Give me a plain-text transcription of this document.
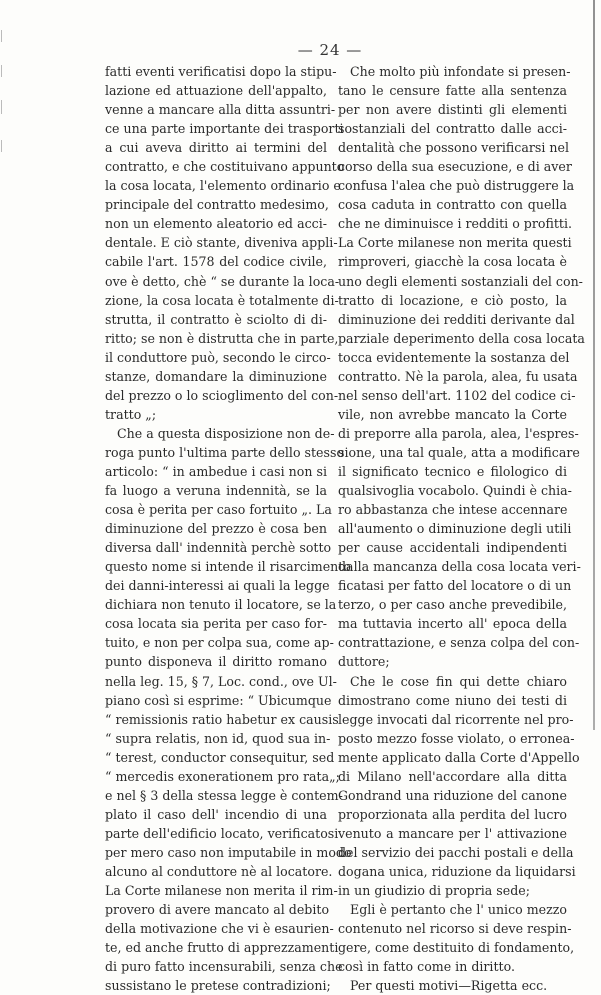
— 24 —
fatti eventi verificatisi dopo la stipu-
lazione ed attuazione dell'appalto,
venne a mancare alla ditta assuntri-
ce una parte importante dei trasporti
a cui aveva diritto ai termini del
contratto, e che costituivano appunto
la cosa locata, l'elemento ordinario e
principale del contratto medesimo,
non un elemento aleatorio ed acci-
dentale. E ciò stante, diveniva appli-
cabile l'art. 1578 del codice civile,
ove è detto, chè “ se durante la loca-
zione, la cosa locata è totalmente di-
strutta, il contratto è sciolto di di-
ritto; se non è distrutta che in parte,
il conduttore può, secondo le circo-
stanze, domandare la diminuzione
del prezzo o lo scioglimento del con-
tratto „;
Che a questa disposizione non de-
roga punto l'ultima parte dello stesso
articolo: “ in ambedue i casi non si
fa luogo a veruna indennità, se la
cosa è perita per caso fortuito „. La
diminuzione del prezzo è cosa ben
diversa dall' indennità perchè sotto
questo nome si intende il risarcimento
dei danni-interessi ai quali la legge
dichiara non tenuto il locatore, se la
cosa locata sia perita per caso for-
tuito, e non per colpa sua, come ap-
punto disponeva il diritto romano
nella leg. 15, § 7, Loc. cond., ove Ul-
piano così si esprime: “ Ubicumque
“ remissionis ratio habetur ex causis
“ supra relatis, non id, quod sua in-
“ terest, conductor consequitur, sed
“ mercedis exonerationem pro rata„;
e nel § 3 della stessa legge è contem-
plato il caso dell' incendio di una
parte dell'edificio locato, verificatosi
per mero caso non imputabile in modo
alcuno al conduttore nè al locatore.
La Corte milanese non merita il rim-
provero di avere mancato al debito
della motivazione che vi è esaurien-
te, ed anche frutto di apprezzamenti
di puro fatto incensurabili, senza che
sussistano le pretese contradizioni;
Che molto più infondate si presen-
tano le censure fatte alla sentenza
per non avere distinti gli elementi
sostanziali del contratto dalle acci-
dentalità che possono verificarsi nel
corso della sua esecuzione, e di aver
confusa l'alea che può distruggere la
cosa caduta in contratto con quella
che ne diminuisce i redditi o profitti.
La Corte milanese non merita questi
rimproveri, giacchè la cosa locata è
uno degli elementi sostanziali del con-
tratto di locazione, e ciò posto, la
diminuzione dei redditi derivante dal
parziale deperimento della cosa locata
tocca evidentemente la sostanza del
contratto. Nè la parola, alea, fu usata
nel senso dell'art. 1102 del codice ci-
vile, non avrebbe mancato la Corte
di preporre alla parola, alea, l'espres-
sione, una tal quale, atta a modificare
il significato tecnico e filologico di
qualsivoglia vocabolo. Quindi è chia-
ro abbastanza che intese accennare
all'aumento o diminuzione degli utili
per cause accidentali indipendenti
dalla mancanza della cosa locata veri-
ficatasi per fatto del locatore o di un
terzo, o per caso anche prevedibile,
ma tuttavia incerto all' epoca della
contrattazione, e senza colpa del con-
duttore;
Che le cose fin qui dette chiaro
dimostrano come niuno dei testi di
legge invocati dal ricorrente nel pro-
posto mezzo fosse violato, o erronea-
mente applicato dalla Corte d'Appello
di Milano nell'accordare alla ditta
Gondrand una riduzione del canone
proporzionata alla perdita del lucro
venuto a mancare per l' attivazione
del servizio dei pacchi postali e della
dogana unica, riduzione da liquidarsi
in un giudizio di propria sede;
Egli è pertanto che l' unico mezzo
contenuto nel ricorso si deve respin-
gere, come destituito di fondamento,
così in fatto come in diritto.
Per questi motivi—Rigetta ecc.
